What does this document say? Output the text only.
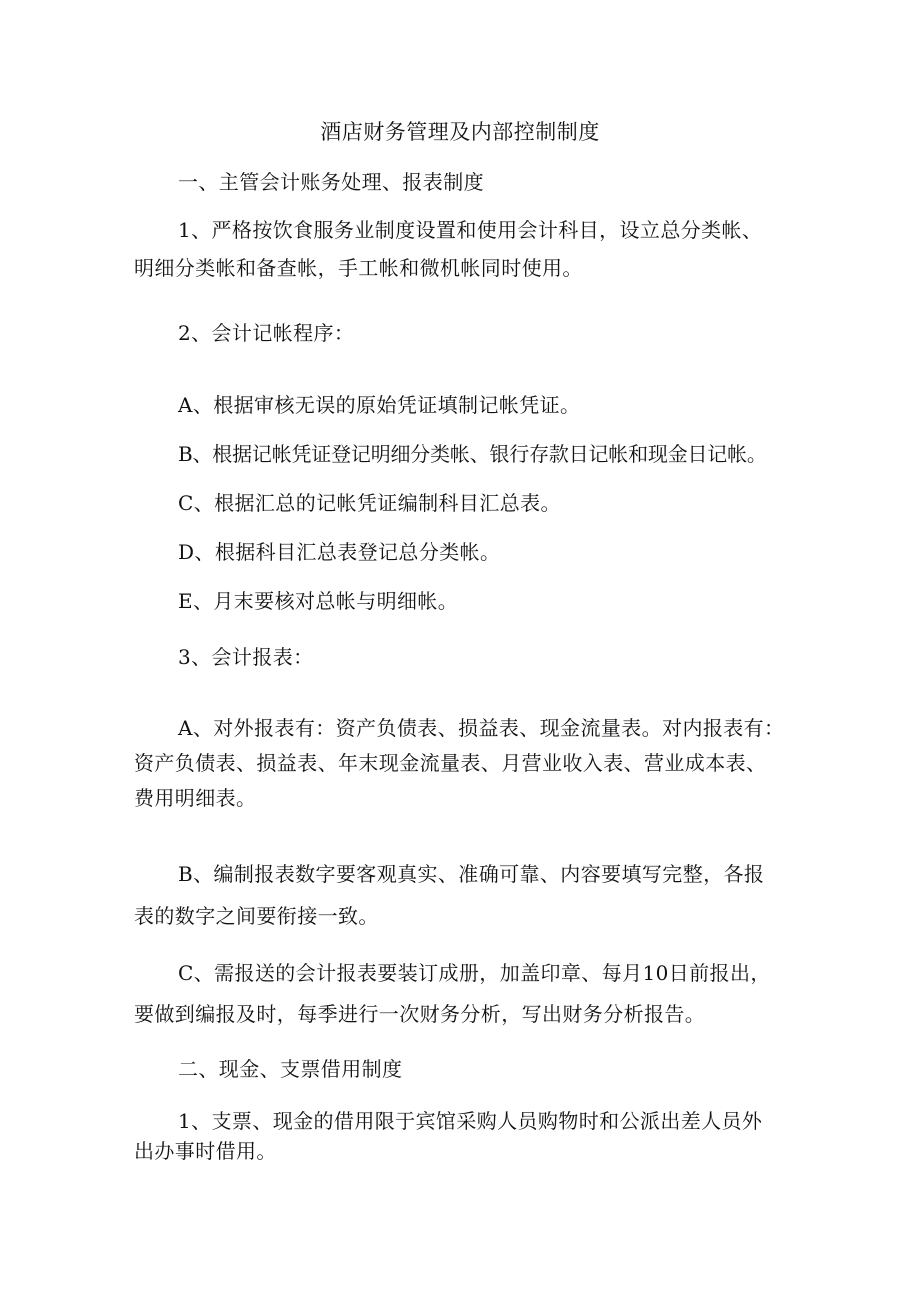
酒店财务管理及内部控制制度
一、主管会计账务处理、报表制度
1、严格按饮食服务业制度设置和使用会计科目，设立总分类帐、
明细分类帐和备查帐，手工帐和微机帐同时使用。
2、会计记帐程序：
A、根据审核无误的原始凭证填制记帐凭证。
B、根据记帐凭证登记明细分类帐、银行存款日记帐和现金日记帐。
C、根据汇总的记帐凭证编制科目汇总表。
D、根据科目汇总表登记总分类帐。
E、月末要核对总帐与明细帐。
3、会计报表：
A、对外报表有：资产负债表、损益表、现金流量表。对内报表有：
资产负债表、损益表、年末现金流量表、月营业收入表、营业成本表、
费用明细表。
B、编制报表数字要客观真实、准确可靠、内容要填写完整，各报
表的数字之间要衔接一致。
C、需报送的会计报表要装订成册，加盖印章、每月10日前报出，
要做到编报及时，每季进行一次财务分析，写出财务分析报告。
二、现金、支票借用制度
1、支票、现金的借用限于宾馆采购人员购物时和公派出差人员外
出办事时借用。
